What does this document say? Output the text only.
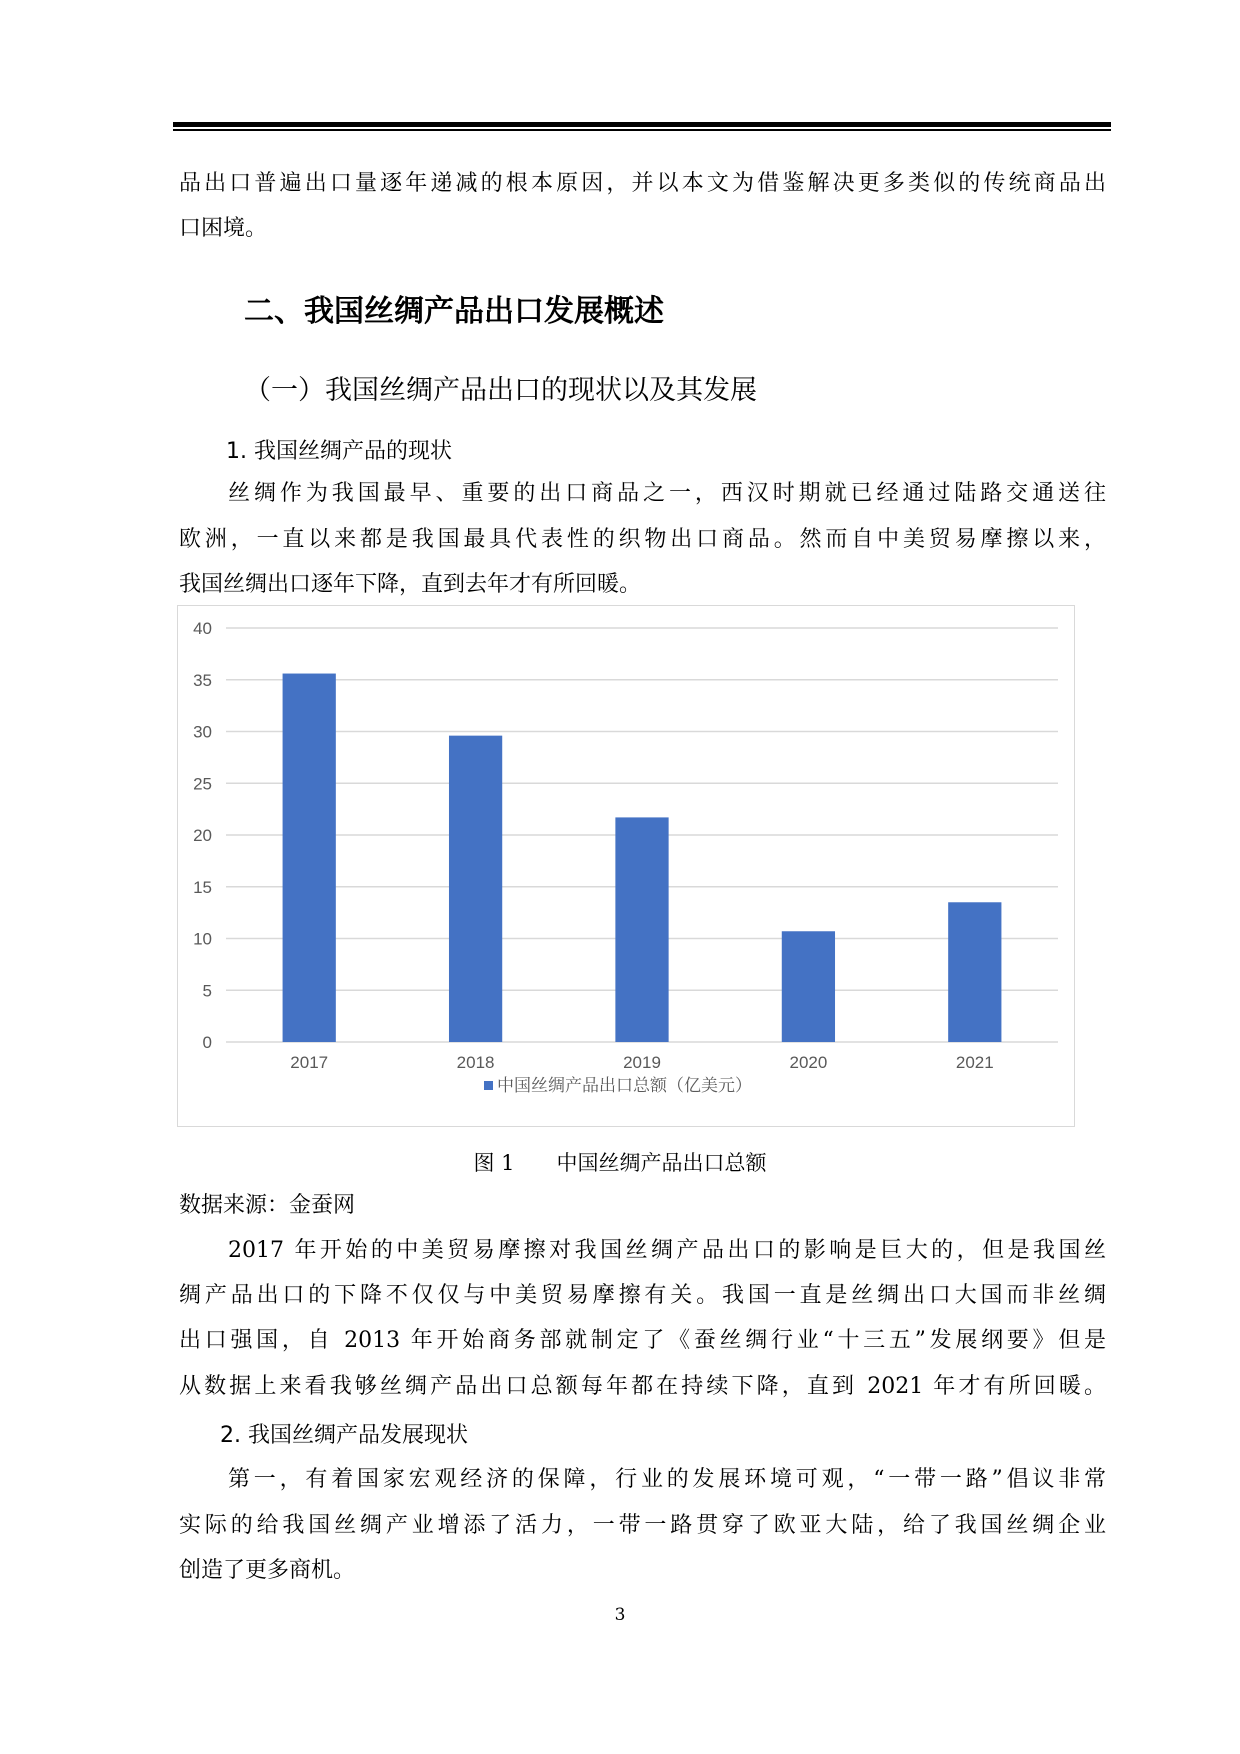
品出口普遍出口量逐年递减的根本原因，并以本文为借鉴解决更多类似的传统商品出
口困境。
二、我国丝绸产品出口发展概述
（一）我国丝绸产品出口的现状以及其发展
1. 我国丝绸产品的现状
丝绸作为我国最早、重要的出口商品之一，西汉时期就已经通过陆路交通送往
欧洲，一直以来都是我国最具代表性的织物出口商品。然而自中美贸易摩擦以来，
我国丝绸出口逐年下降，直到去年才有所回暖。
0
5
10
15
20
25
30
35
40
2017	2018	2019	2020	2021
中国丝绸产品出口总额（亿美元）
图 1　　中国丝绸产品出口总额
数据来源：金蚕网
2017 年开始的中美贸易摩擦对我国丝绸产品出口的影响是巨大的，但是我国丝
绸产品出口的下降不仅仅与中美贸易摩擦有关。我国一直是丝绸出口大国而非丝绸
出口强国，自 2013 年开始商务部就制定了《蚕丝绸行业“十三五”发展纲要》但是
从数据上来看我够丝绸产品出口总额每年都在持续下降，直到 2021 年才有所回暖。
2. 我国丝绸产品发展现状
第一，有着国家宏观经济的保障，行业的发展环境可观，“一带一路”倡议非常
实际的给我国丝绸产业增添了活力，一带一路贯穿了欧亚大陆，给了我国丝绸企业
创造了更多商机。
3
